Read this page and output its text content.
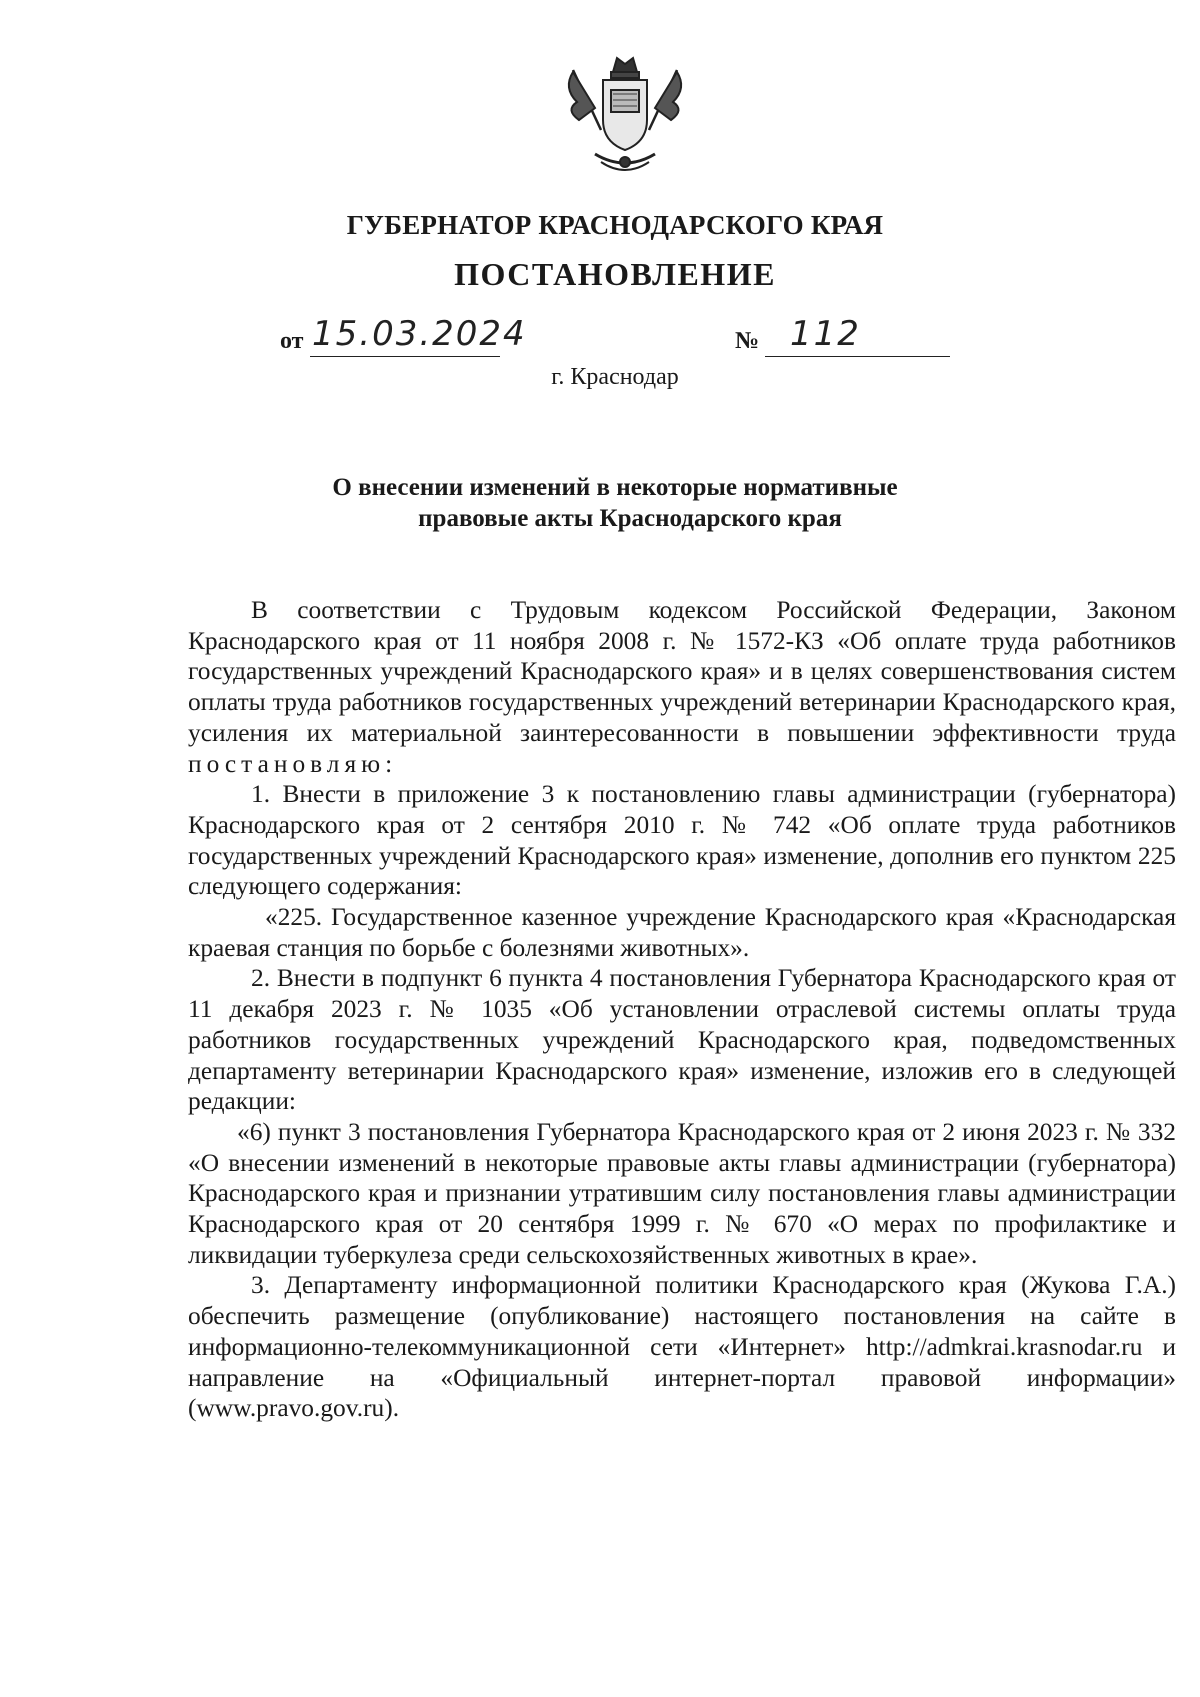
ГУБЕРНАТОР КРАСНОДАРСКОГО КРАЯ
ПОСТАНОВЛЕНИЕ
от 15.03.2024	№ 112
г. Краснодар
О внесении изменений в некоторые нормативные
правовые акты Краснодарского края

В соответствии с Трудовым кодексом Российской Федерации, Законом Краснодарского края от 11 ноября 2008 г. № 1572-КЗ «Об оплате труда работников государственных учреждений Краснодарского края» и в целях совершенствования систем оплаты труда работников государственных учреждений ветеринарии Краснодарского края, усиления их материальной заинтересованности в повышении эффективности труда постановляю:

1. Внести в приложение 3 к постановлению главы администрации (губернатора) Краснодарского края от 2 сентября 2010 г. № 742 «Об оплате труда работников государственных учреждений Краснодарского края» изменение, дополнив его пунктом 225 следующего содержания:

«225. Государственное казенное учреждение Краснодарского края «Краснодарская краевая станция по борьбе с болезнями животных».

2. Внести в подпункт 6 пункта 4 постановления Губернатора Краснодарского края от 11 декабря 2023 г. № 1035 «Об установлении отраслевой системы оплаты труда работников государственных учреждений Краснодарского края, подведомственных департаменту ветеринарии Краснодарского края» изменение, изложив его в следующей редакции:

«6) пункт 3 постановления Губернатора Краснодарского края от 2 июня 2023 г. № 332 «О внесении изменений в некоторые правовые акты главы администрации (губернатора) Краснодарского края и признании утратившим силу постановления главы администрации Краснодарского края от 20 сентября 1999 г. № 670 «О мерах по профилактике и ликвидации туберкулеза среди сельскохозяйственных животных в крае».

3. Департаменту информационной политики Краснодарского края (Жукова Г.А.) обеспечить размещение (опубликование) настоящего постановления на сайте в информационно-телекоммуникационной сети «Интернет» http://admkrai.krasnodar.ru и направление на «Официальный интернет-портал правовой информации» (www.pravo.gov.ru).
